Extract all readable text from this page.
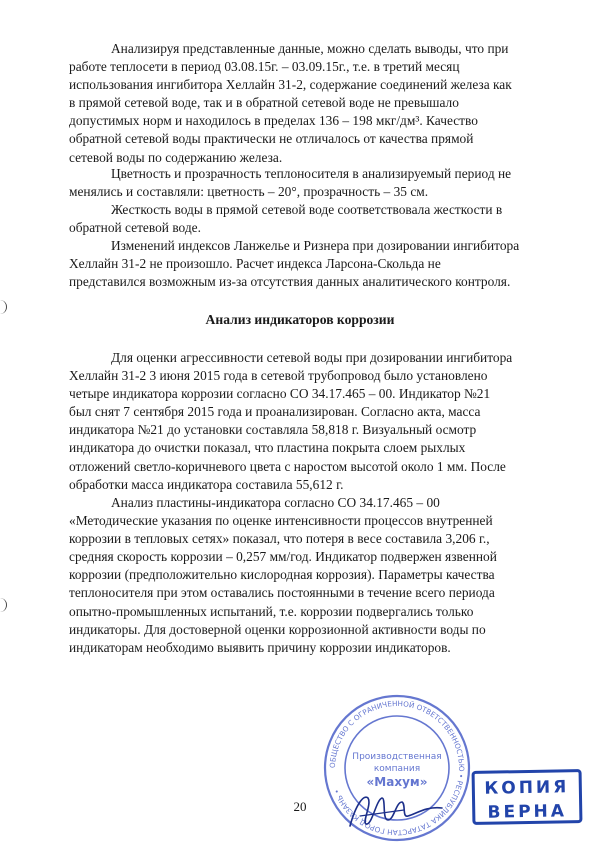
Анализируя представленные данные, можно сделать выводы, что при
работе теплосети в период 03.08.15г. – 03.09.15г., т.е. в третий месяц
использования ингибитора Хеллайн 31-2, содержание соединений железа как
в прямой сетевой воде, так и в обратной сетевой воде не превышало
допустимых норм и находилось в пределах 136 – 198 мкг/дм³. Качество
обратной сетевой воды практически не отличалось от качества прямой
сетевой воды по содержанию железа.
Цветность и прозрачность теплоносителя в анализируемый период не
менялись и составляли: цветность – 20°, прозрачность – 35 см.
Жесткость воды в прямой сетевой воде соответствовала жесткости в
обратной сетевой воде.
Изменений индексов Ланжелье и Ризнера при дозировании ингибитора
Хеллайн 31-2 не произошло. Расчет индекса Ларсона-Скольда не
представился возможным из-за отсутствия данных аналитического контроля.
Анализ индикаторов коррозии
Для оценки агрессивности сетевой воды при дозировании ингибитора
Хеллайн 31-2 3 июня 2015 года в сетевой трубопровод было установлено
четыре индикатора коррозии согласно СО 34.17.465 – 00. Индикатор №21
был снят 7 сентября 2015 года и проанализирован. Согласно акта, масса
индикатора №21 до установки составляла 58,818 г. Визуальный осмотр
индикатора до очистки показал, что пластина покрыта слоем рыхлых
отложений светло-коричневого цвета с наростом высотой около 1 мм. После
обработки масса индикатора составила 55,612 г.
Анализ пластины-индикатора согласно СО 34.17.465 – 00
«Методические указания по оценке интенсивности процессов внутренней
коррозии в тепловых сетях» показал, что потеря в весе составила 3,206 г.,
средняя скорость коррозии – 0,257 мм/год. Индикатор подвержен язвенной
коррозии (предположительно кислородная коррозия). Параметры качества
теплоносителя при этом оставались постоянными в течение всего периода
опытно-промышленных испытаний, т.е. коррозии подвергались только
индикаторы. Для достоверной оценки коррозионной активности воды по
индикаторам необходимо выявить причину коррозии индикаторов.
ОБЩЕСТВО С ОГРАНИЧЕННОЙ ОТВЕТСТВЕННОСТЬЮ • РЕСПУБЛИКА ТАТАРСТАН ГОРОД КАЗАНЬ •
Производственная
компания
«Махум»	КОПИЯ
ВЕРНА
20
